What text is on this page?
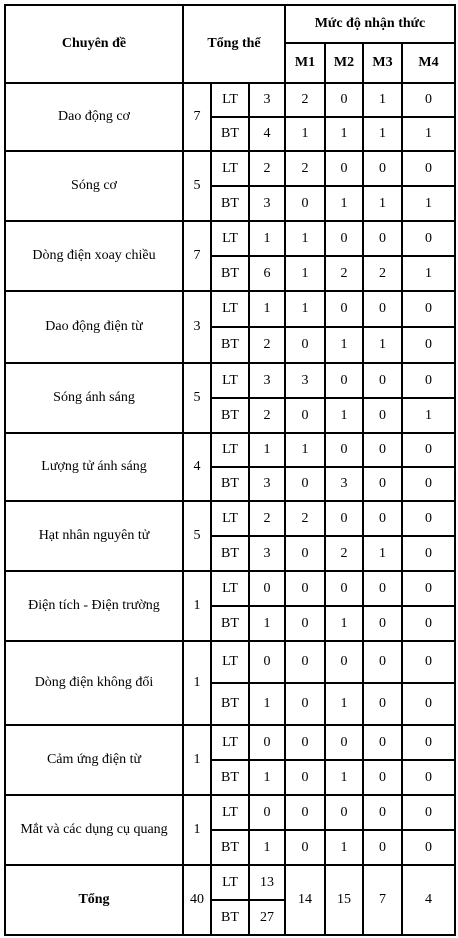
Chuyên đề	Tổng thể
Mức độ nhận thức
M1	M2	M3	M4
Dao động cơ	7
LT	3	2	0	1	0
BT	4	1	1	1	1
Sóng cơ	5
LT	2	2	0	0	0
BT	3	0	1	1	1
Dòng điện xoay chiều	7
LT	1	1	0	0	0
BT	6	1	2	2	1
Dao động điện từ	3
LT	1	1	0	0	0
BT	2	0	1	1	0
Sóng ánh sáng	5
LT	3	3	0	0	0
BT	2	0	1	0	1
Lượng tử ánh sáng	4
LT	1	1	0	0	0
BT	3	0	3	0	0
Hạt nhân nguyên tử	5
LT	2	2	0	0	0
BT	3	0	2	1	0
Điện tích - Điện trường	1
LT	0	0	0	0	0
BT	1	0	1	0	0
Dòng điện không đổi	1
LT	0	0	0	0	0
BT	1	0	1	0	0
Cảm ứng điện từ	1
LT	0	0	0	0	0
BT	1	0	1	0	0
Mắt và các dụng cụ quang	1
LT	0	0	0	0	0
BT	1	0	1	0	0
Tổng	40
LT	13
BT	27
14	15	7	4
